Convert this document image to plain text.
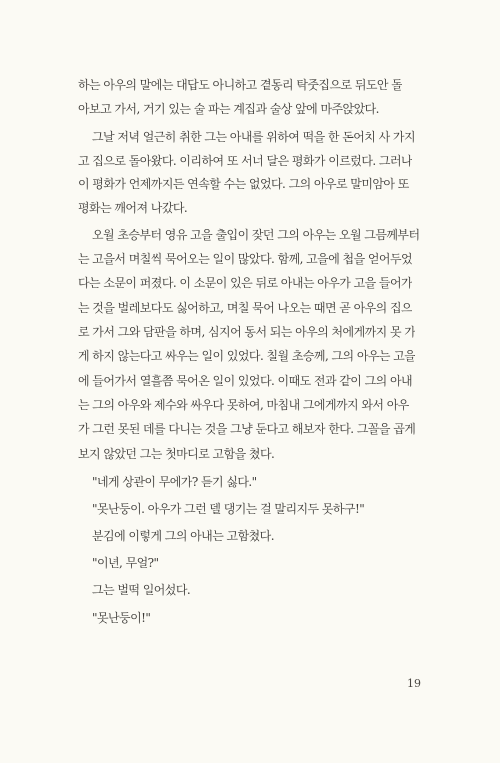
하는 아우의 말에는 대답도 아니하고 곁동리 탁줏집으로 뒤도안 돌
아보고 가서, 거기 있는 술 파는 계집과 술상 앞에 마주앉았다.
그날 저녁 얼근히 취한 그는 아내를 위하여 떡을 한 돈어치 사 가지
고 집으로 돌아왔다. 이리하여 또 서너 달은 평화가 이르렀다. 그러나
이 평화가 언제까지든 연속할 수는 없었다. 그의 아우로 말미암아 또
평화는 깨어져 나갔다.
오월 초승부터 영유 고을 출입이 잦던 그의 아우는 오월 그믐께부터
는 고을서 며칠씩 묵어오는 일이 많았다. 함께, 고을에 첩을 얻어두었
다는 소문이 퍼졌다. 이 소문이 있은 뒤로 아내는 아우가 고을 들어가
는 것을 벌레보다도 싫어하고, 며칠 묵어 나오는 때면 곧 아우의 집으
로 가서 그와 담판을 하며, 심지어 동서 되는 아우의 처에게까지 못 가
게 하지 않는다고 싸우는 일이 있었다. 칠월 초승께, 그의 아우는 고을
에 들어가서 열흘쯤 묵어온 일이 있었다. 이때도 전과 같이 그의 아내
는 그의 아우와 제수와 싸우다 못하여, 마침내 그에게까지 와서 아우
가 그런 못된 데를 다니는 것을 그냥 둔다고 해보자 한다. 그꼴을 곱게
보지 않았던 그는 첫마디로 고함을 쳤다.
"네게 상관이 무에가? 듣기 싫다."
"못난둥이. 아우가 그런 델 댕기는 걸 말리지두 못하구!"
분김에 이렇게 그의 아내는 고함쳤다.
"이년, 무얼?"
그는 벌떡 일어섰다.
"못난둥이!"
19
